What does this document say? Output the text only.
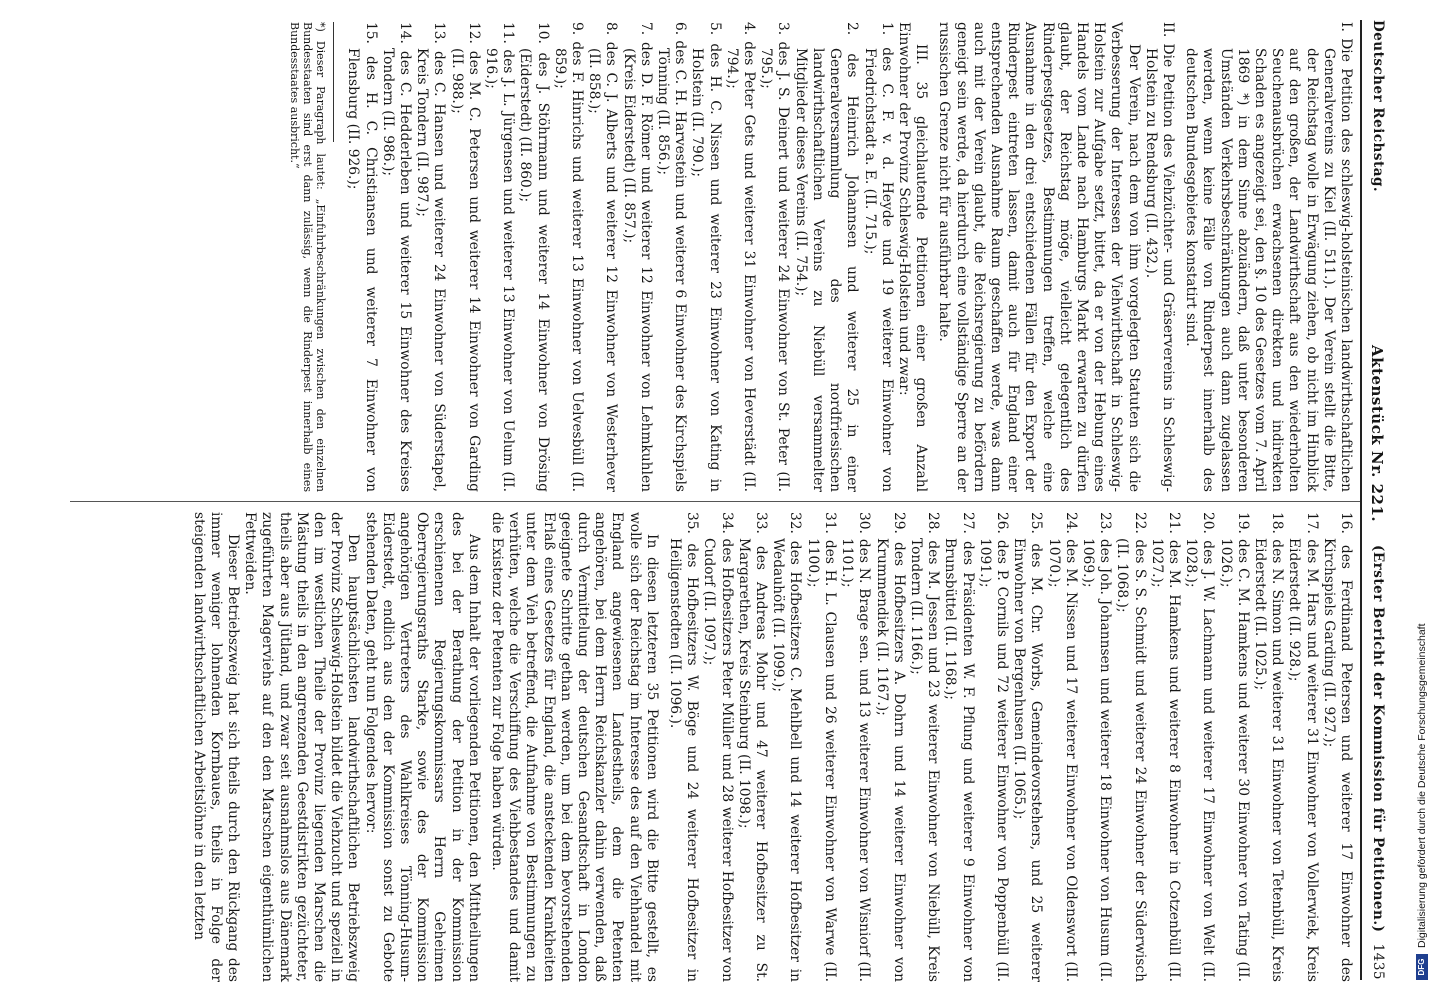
Deutscher Reichstag.
Aktenstück Nr. 221.
(Erster Bericht der Kommission für Petitionen.)
1435

I. Die Petition des schleswig-holsteinischen landwirthschaftlichen Generalvereins zu Kiel (II. 511.). Der Verein stellt die Bitte, der Reichstag wolle in Erwägung ziehen, ob nicht im Hinblick auf den großen, der Landwirthschaft aus den wiederholten Seuchenausbrüchen erwachsenen direkten und indirekten Schaden es angezeigt sei, den §. 10 des Gesetzes vom 7. April 1869 *) in dem Sinne abzuändern, daß unter besonderen Umständen Verkehrsbeschränkungen auch dann zugelassen werden, wenn keine Fälle von Rinderpest innerhalb des deutschen Bundesgebietes konstatirt sind.

II. Die Petition des Viehzüchter- und Gräservereins in Schleswig-Holstein zu Rendsburg (II. 432.).

Der Verein, nach dem von ihm vorgelegten Statuten sich die Verbesserung der Interessen der Viehwirthschaft in Schleswig-Holstein zur Aufgabe setzt, bittet, da er von der Hebung eines Handels vom Lande nach Hamburgs Markt erwarten zu dürfen glaubt, der Reichstag möge, vielleicht gelegentlich des Rinderpestgesetzes, Bestimmungen treffen, welche eine Ausnahme in den drei entschiedenen Fällen für den Export der Rinderpest eintreten lassen, damit auch für England einer entsprechenden Ausnahme Raum geschaffen werde, was dann auch mit der Verein glaubt, die Reichsregierung zu befördern geneigt sein werde, da hierdurch eine vollständige Sperre an der russischen Grenze nicht für ausführbar halte.

III. 35 gleichlautende Petitionen einer großen Anzahl Einwohner der Provinz Schleswig-Holstein und zwar:

1. des C. F. v. d. Heyde und 19 weiterer Einwohner von Friedrichstadt a. E. (II. 715.);

2. des Heinrich Johannsen und weiterer 25 in einer Generalversammlung des nordfriesischen landwirthschaftlichen Vereins zu Niebüll versammelter Mitglieder dieses Vereins (II. 754.);

3. des J. S. Deinert und weiterer 24 Einwohner von St. Peter (II. 795.);

4. des Peter Gets und weiterer 31 Einwohner von Heverstädt (II. 794.);

5. des H. C. Nissen und weiterer 23 Einwohner von Kating in Holstein (II. 790.);

6. des C. H. Harvestein und weiterer 6 Einwohner des Kirchspiels Tönning (II. 856.);

7. des D. F. Römer und weiterer 12 Einwohner von Lehmkuhlen (Kreis Eiderstedt) (II. 857.);

8. des C. J. Alberts und weiterer 12 Einwohner von Westerhever (II. 858.);

9. des F. Hinrichs und weiterer 13 Einwohner von Uelvesbüll (II. 859.);

10. des J. Stöhrmann und weiterer 14 Einwohner von Drösing (Eiderstedt) (II. 860.);

11. des J. L. Jürgensen und weiterer 13 Einwohner von Uelum (II. 916.);

12. des M. C. Petersen und weiterer 14 Einwohner von Garding (II. 988.);

13. des C. Hansen und weiterer 24 Einwohner von Süderstapel, Kreis Tondern (II. 987.);

14. des C. Hedderleben und weiterer 15 Einwohner des Kreises Tondern (II. 986.);

15. des H. C. Christiansen und weiterer 7 Einwohner von Flensburg (II. 926.);

*) Dieser Paragraph lautet: „Einfuhrbeschränkungen zwischen den einzelnen Bundesstaaten sind erst dann zulässig, wenn die Rinderpest innerhalb eines Bundesstaates ausbricht.“

16. des Ferdinand Petersen und weiterer 17 Einwohner des Kirchspiels Garding (II. 927.);

17. des M. Hars und weiterer 31 Einwohner von Vollerwiek, Kreis Eiderstedt (II. 928.);

18. des N. Simon und weiterer 31 Einwohner von Tetenbüll, Kreis Eiderstedt (II. 1025.);

19. des C. M. Hamkens und weiterer 30 Einwohner von Tating (II. 1026.);

20. des J. W. Lachmann und weiterer 17 Einwohner von Welt (II. 1028.);

21. des M. Hamkens und weiterer 8 Einwohner in Cotzenbüll (II. 1027.);

22. des S. S. Schmidt und weiterer 24 Einwohner der Süderwisch (II. 1068.);

23. des Joh. Johannsen und weiterer 18 Einwohner von Husum (II. 1069.);

24. des M. Nissen und 17 weiterer Einwohner von Oldenswort (II. 1070.);

25. des M. Chr. Worbs, Gemeindevorstehers, und 25 weiterer Einwohner von Bergenhusen (II. 1065.);

26. des P. Cornils und 72 weiterer Einwohner von Poppenbüll (II. 1091.);

27. des Präsidenten W. F. Pflung und weiterer 9 Einwohner von Brunsbüttel (II. 1168.);

28. des M. Jessen und 23 weiterer Einwohner von Niebüll, Kreis Tondern (II. 1166.);

29. des Hofbesitzers A. Dohrn und 14 weiterer Einwohner von Krummendiek (II. 1167.);

30. des N. Brage sen. und 13 weiterer Einwohner von Wisniorf (II. 1101.);

31. des H. L. Clausen und 26 weiterer Einwohner von Warwe (II. 1100.);

32. des Hofbesitzers C. Mehlbell und 14 weiterer Hofbesitzer in Wedauhöft (II. 1099.);

33. des Andreas Mohr und 47 weiterer Hofbesitzer zu St. Margarethen, Kreis Steinburg (II. 1098.);

34. des Hofbesitzers Peter Müller und 28 weiterer Hofbesitzer von Cudorf (II. 1097.);

35. des Hofbesitzers W. Böge und 24 weiterer Hofbesitzer in Heiligenstedten (II. 1096.).

In diesen letzteren 35 Petitionen wird die Bitte gestellt, es wolle sich der Reichstag im Interesse des auf den Viehhandel mit England angewiesenen Landestheils, dem die Petenten angehören, bei dem Herrn Reichskanzler dahin verwenden, daß durch Vermittelung der deutschen Gesandtschaft in London geeignete Schritte gethan werden, um bei dem bevorstehenden Erlaß eines Gesetzes für England, die ansteckenden Krankheiten unter dem Vieh betreffend, die Aufnahme von Bestimmungen zu verhüten, welche die Verschiffung des Viehbestandes und damit die Existenz der Petenten zur Folge haben würden.

Aus dem Inhalt der vorliegenden Petitionen, den Mittheilungen des bei der Berathung der Petition in der Kommission erschienenen Regierungskommissars Herrn Geheimen Oberregierungsraths Starke, sowie des der Kommission angehörigen Vertreters des Wahlkreises Tönning-Husum-Eiderstedt, endlich aus den der Kommission sonst zu Gebote stehenden Daten, geht nun Folgendes hervor:

Den hauptsächlichsten landwirthschaftlichen Betriebszweig der Provinz Schleswig-Holstein bildet die Viehzucht und speziell in den im westlichen Theile der Provinz liegenden Marschen die Mästung theils in den angrenzenden Geestdistrikten gezüchteter, theils aber aus Jütland, und zwar seit ausnahmslos aus Dänemark zugeführten Magerviehs auf den den Marschen eigenthümlichen Fettweiden.

Dieser Betriebszweig hat sich theils durch den Rückgang des immer weniger lohnenden Kornbaues, theils in Folge der steigenden landwirthschaftlichen Arbeitslöhne in den letzten

DFG
Digitalisierung gefördert durch die Deutsche Forschungsgemeinschaft
